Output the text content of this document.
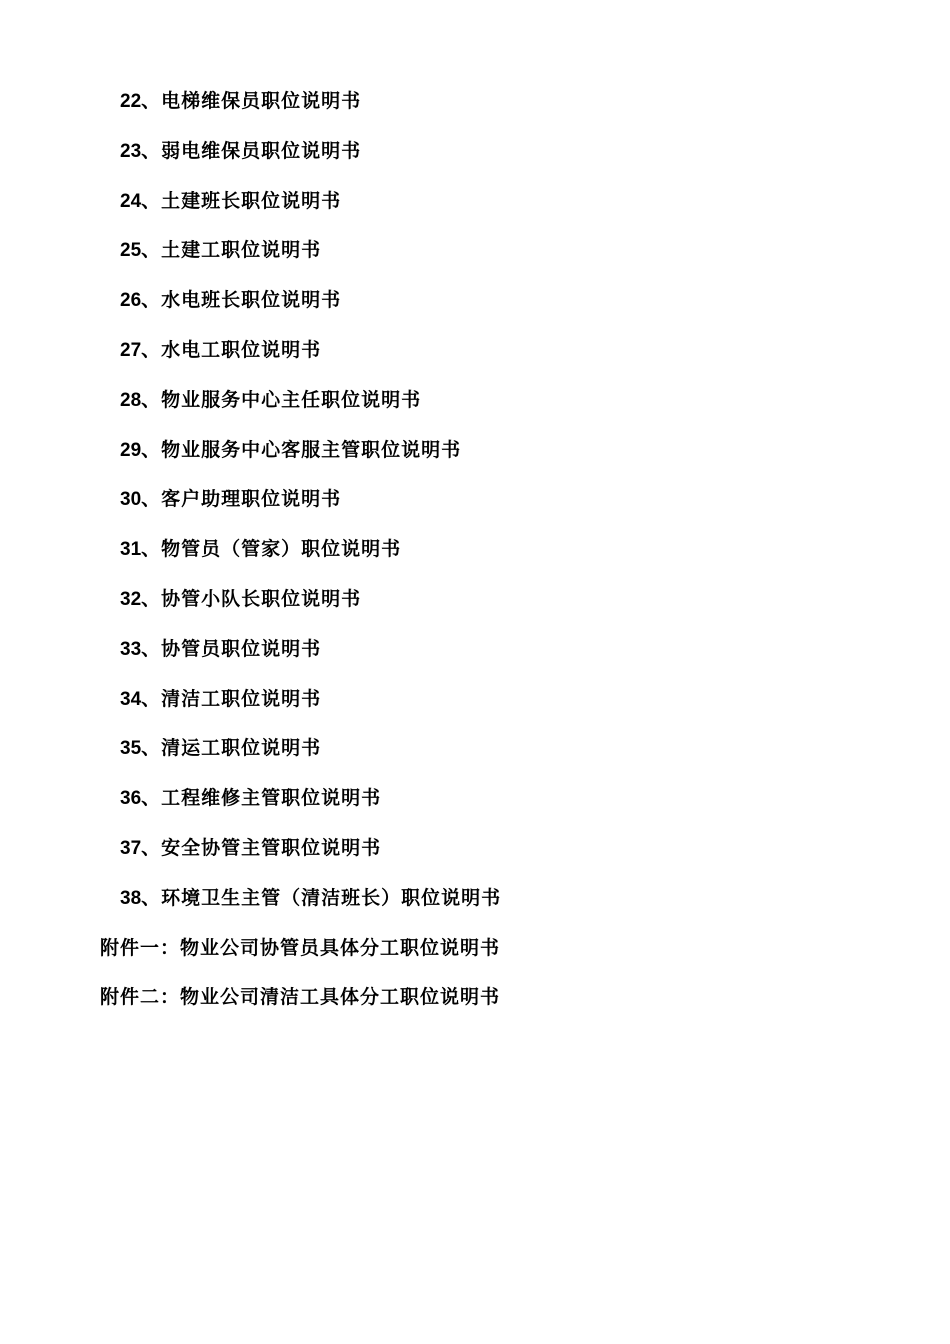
22、电梯维保员职位说明书
23、弱电维保员职位说明书
24、土建班长职位说明书
25、土建工职位说明书
26、水电班长职位说明书
27、水电工职位说明书
28、物业服务中心主任职位说明书
29、物业服务中心客服主管职位说明书
30、客户助理职位说明书
31、物管员（管家）职位说明书
32、协管小队长职位说明书
33、协管员职位说明书
34、清洁工职位说明书
35、清运工职位说明书
36、工程维修主管职位说明书
37、安全协管主管职位说明书
38、环境卫生主管（清洁班长）职位说明书
附件一：物业公司协管员具体分工职位说明书
附件二：物业公司清洁工具体分工职位说明书
